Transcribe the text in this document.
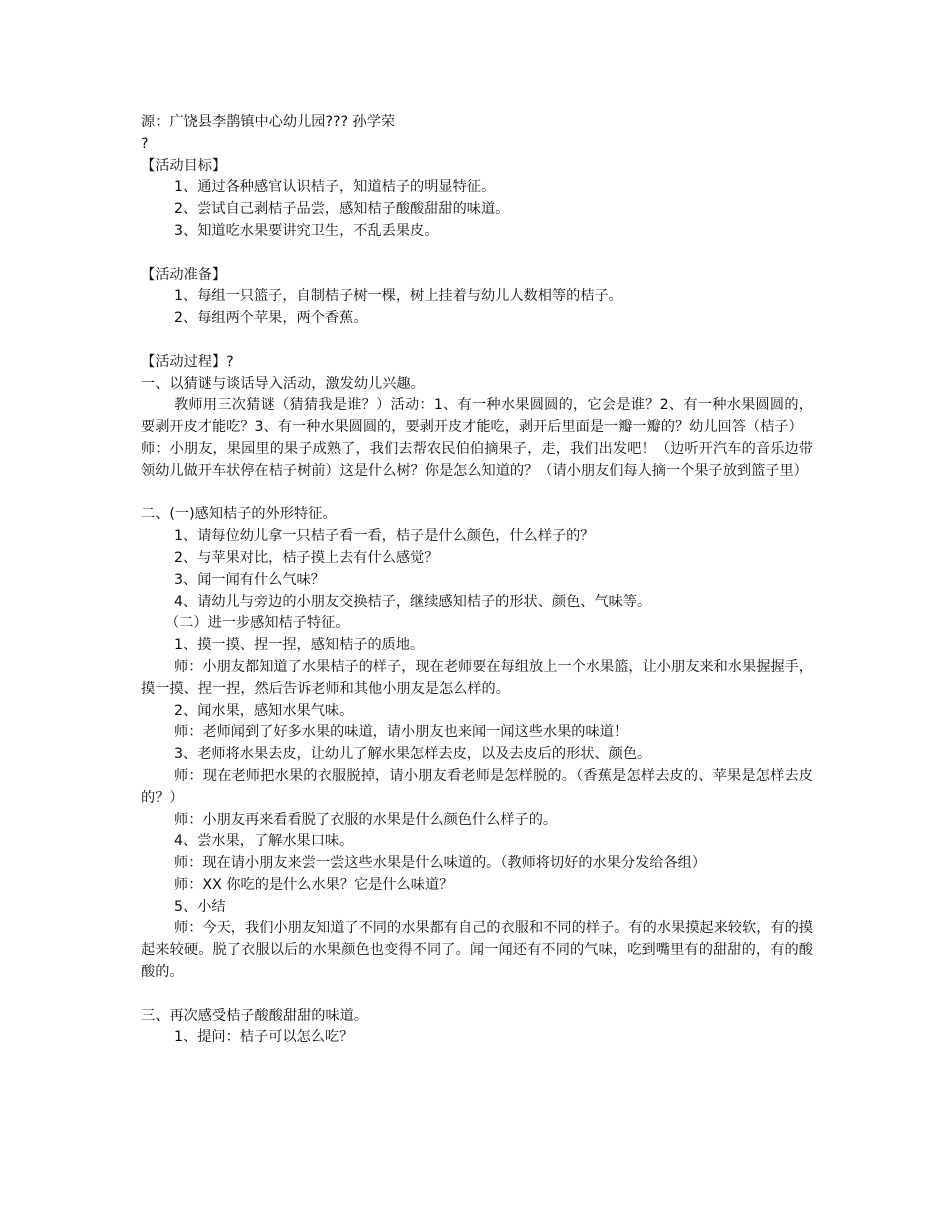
源：广饶县李鹊镇中心幼儿园??? 孙学荣

?

【活动目标】

1、通过各种感官认识桔子，知道桔子的明显特征。

2、尝试自己剥桔子品尝，感知桔子酸酸甜甜的味道。

3、知道吃水果要讲究卫生，不乱丢果皮。

【活动准备】

1、每组一只篮子，自制桔子树一棵，树上挂着与幼儿人数相等的桔子。

2、每组两个苹果，两个香蕉。

【活动过程】?

一、以猜谜与谈话导入活动，激发幼儿兴趣。

教师用三次猜谜（猜猜我是谁？）活动：1、有一种水果圆圆的，它会是谁？2、有一种水果圆圆的，要剥开皮才能吃？3、有一种水果圆圆的，要剥开皮才能吃，剥开后里面是一瓣一瓣的？幼儿回答（桔子）

师：小朋友，果园里的果子成熟了，我们去帮农民伯伯摘果子，走，我们出发吧！（边听开汽车的音乐边带领幼儿做开车状停在桔子树前）这是什么树？你是怎么知道的？（请小朋友们每人摘一个果子放到篮子里）

二、(一)感知桔子的外形特征。

1、请每位幼儿拿一只桔子看一看，桔子是什么颜色，什么样子的？

2、与苹果对比，桔子摸上去有什么感觉？

3、闻一闻有什么气味？

4、请幼儿与旁边的小朋友交换桔子，继续感知桔子的形状、颜色、气味等。

（二）进一步感知桔子特征。

1、摸一摸、捏一捏，感知桔子的质地。

师：小朋友都知道了水果桔子的样子，现在老师要在每组放上一个水果篮，让小朋友来和水果握握手，摸一摸、捏一捏，然后告诉老师和其他小朋友是怎么样的。

2、闻水果，感知水果气味。

师：老师闻到了好多水果的味道，请小朋友也来闻一闻这些水果的味道！

3、老师将水果去皮，让幼儿了解水果怎样去皮，以及去皮后的形状、颜色。

师：现在老师把水果的衣服脱掉，请小朋友看老师是怎样脱的。（香蕉是怎样去皮的、苹果是怎样去皮的？）

师：小朋友再来看看脱了衣服的水果是什么颜色什么样子的。

4、尝水果，了解水果口味。

师：现在请小朋友来尝一尝这些水果是什么味道的。（教师将切好的水果分发给各组）

师：XX 你吃的是什么水果？它是什么味道？

5、小结

师：今天，我们小朋友知道了不同的水果都有自己的衣服和不同的样子。有的水果摸起来较软，有的摸起来较硬。脱了衣服以后的水果颜色也变得不同了。闻一闻还有不同的气味，吃到嘴里有的甜甜的，有的酸酸的。

三、再次感受桔子酸酸甜甜的味道。

1、提问：桔子可以怎么吃？
